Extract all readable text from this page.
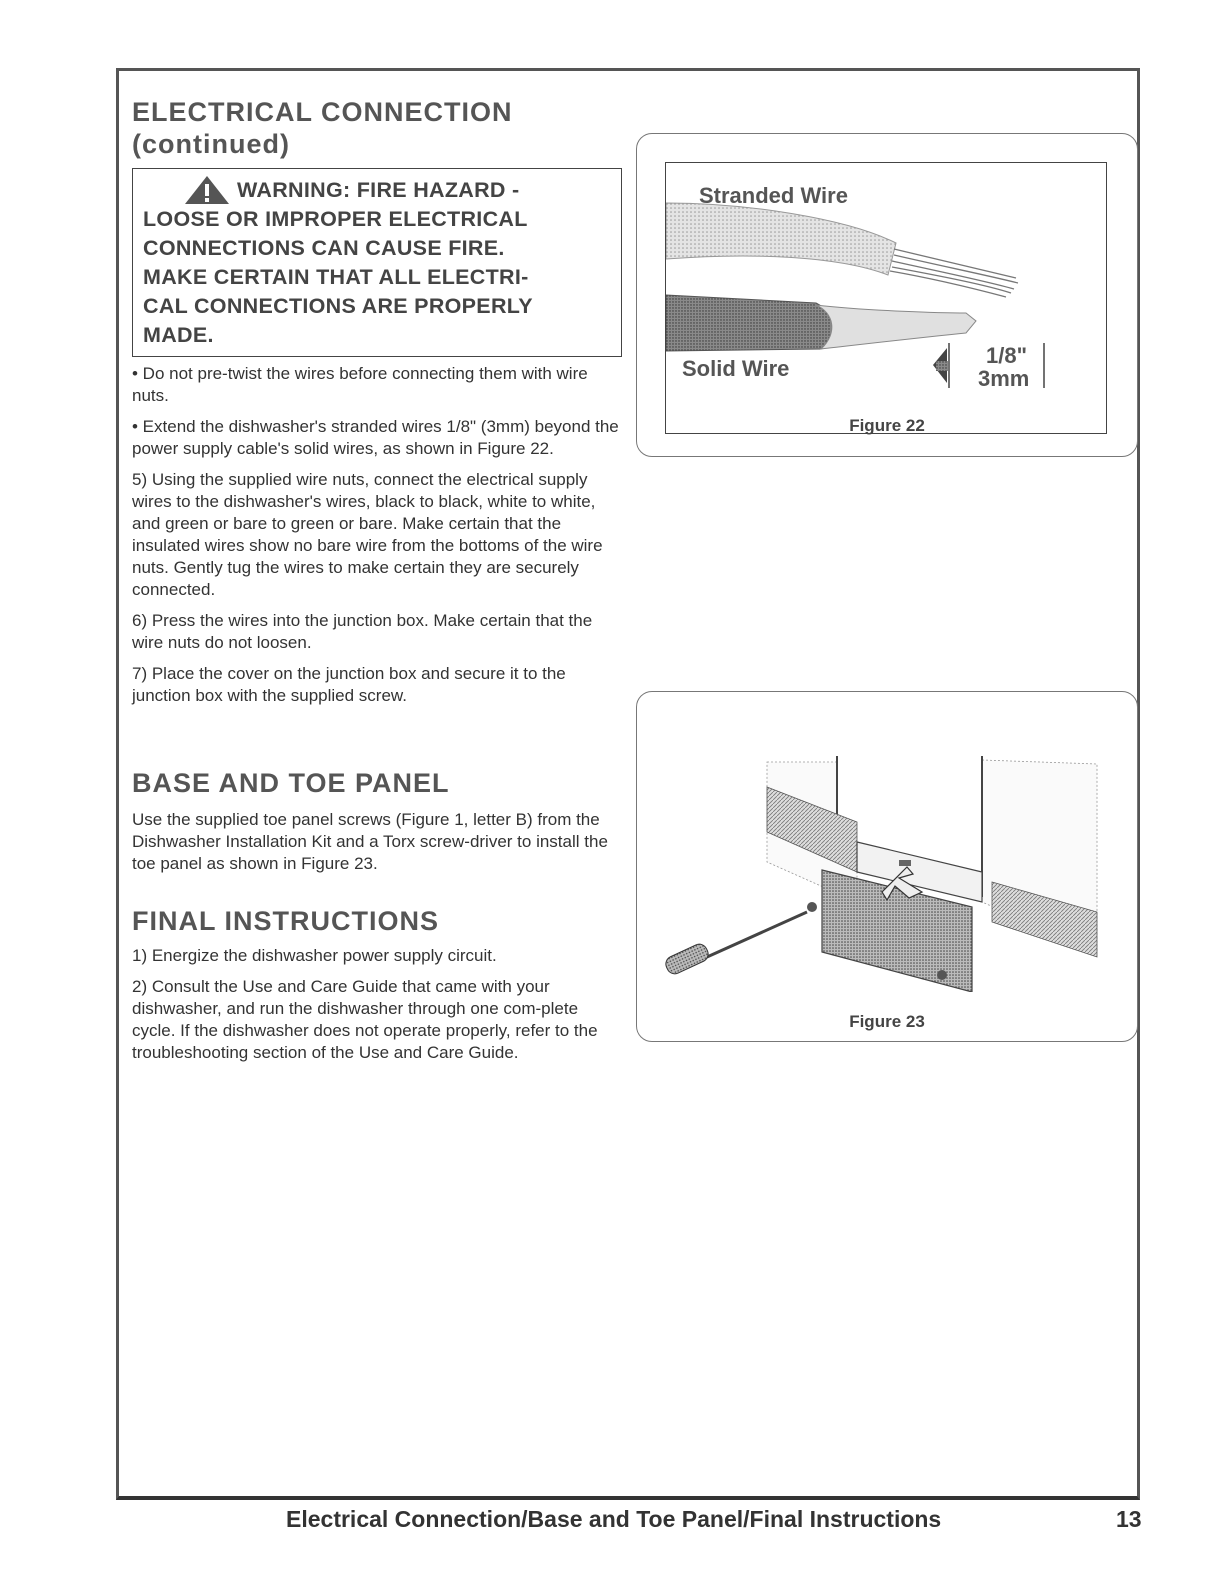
ELECTRICAL CONNECTION
(continued)
WARNING: FIRE HAZARD -
LOOSE OR IMPROPER ELECTRICAL
CONNECTIONS CAN CAUSE FIRE.
MAKE CERTAIN THAT ALL ELECTRI-
CAL CONNECTIONS ARE PROPERLY
MADE.

• Do not pre-twist the wires before connecting them with wire nuts.

• Extend the dishwasher's stranded wires 1/8" (3mm) beyond the power supply cable's solid wires, as shown in Figure 22.

5) Using the supplied wire nuts, connect the electrical supply wires to the dishwasher's wires, black to black, white to white, and green or bare to green or bare. Make certain that the insulated wires show no bare wire from the bottoms of the wire nuts. Gently tug the wires to make certain they are securely connected.

6) Press the wires into the junction box. Make certain that the wire nuts do not loosen.

7) Place the cover on the junction box and secure it to the junction box with the supplied screw.

BASE AND TOE PANEL

Use the supplied toe panel screws (Figure 1, letter B) from the Dishwasher Installation Kit and a Torx screw-driver to install the toe panel as shown in Figure 23.

FINAL INSTRUCTIONS

1) Energize the dishwasher power supply circuit.

2) Consult the Use and Care Guide that came with your dishwasher, and run the dishwasher through one com-plete cycle. If the dishwasher does not operate properly, refer to the troubleshooting section of the Use and Care Guide.

Stranded Wire
Solid Wire
1/8"
3mm
Figure 22
Figure 23
Electrical Connection/Base and Toe Panel/Final Instructions	13
